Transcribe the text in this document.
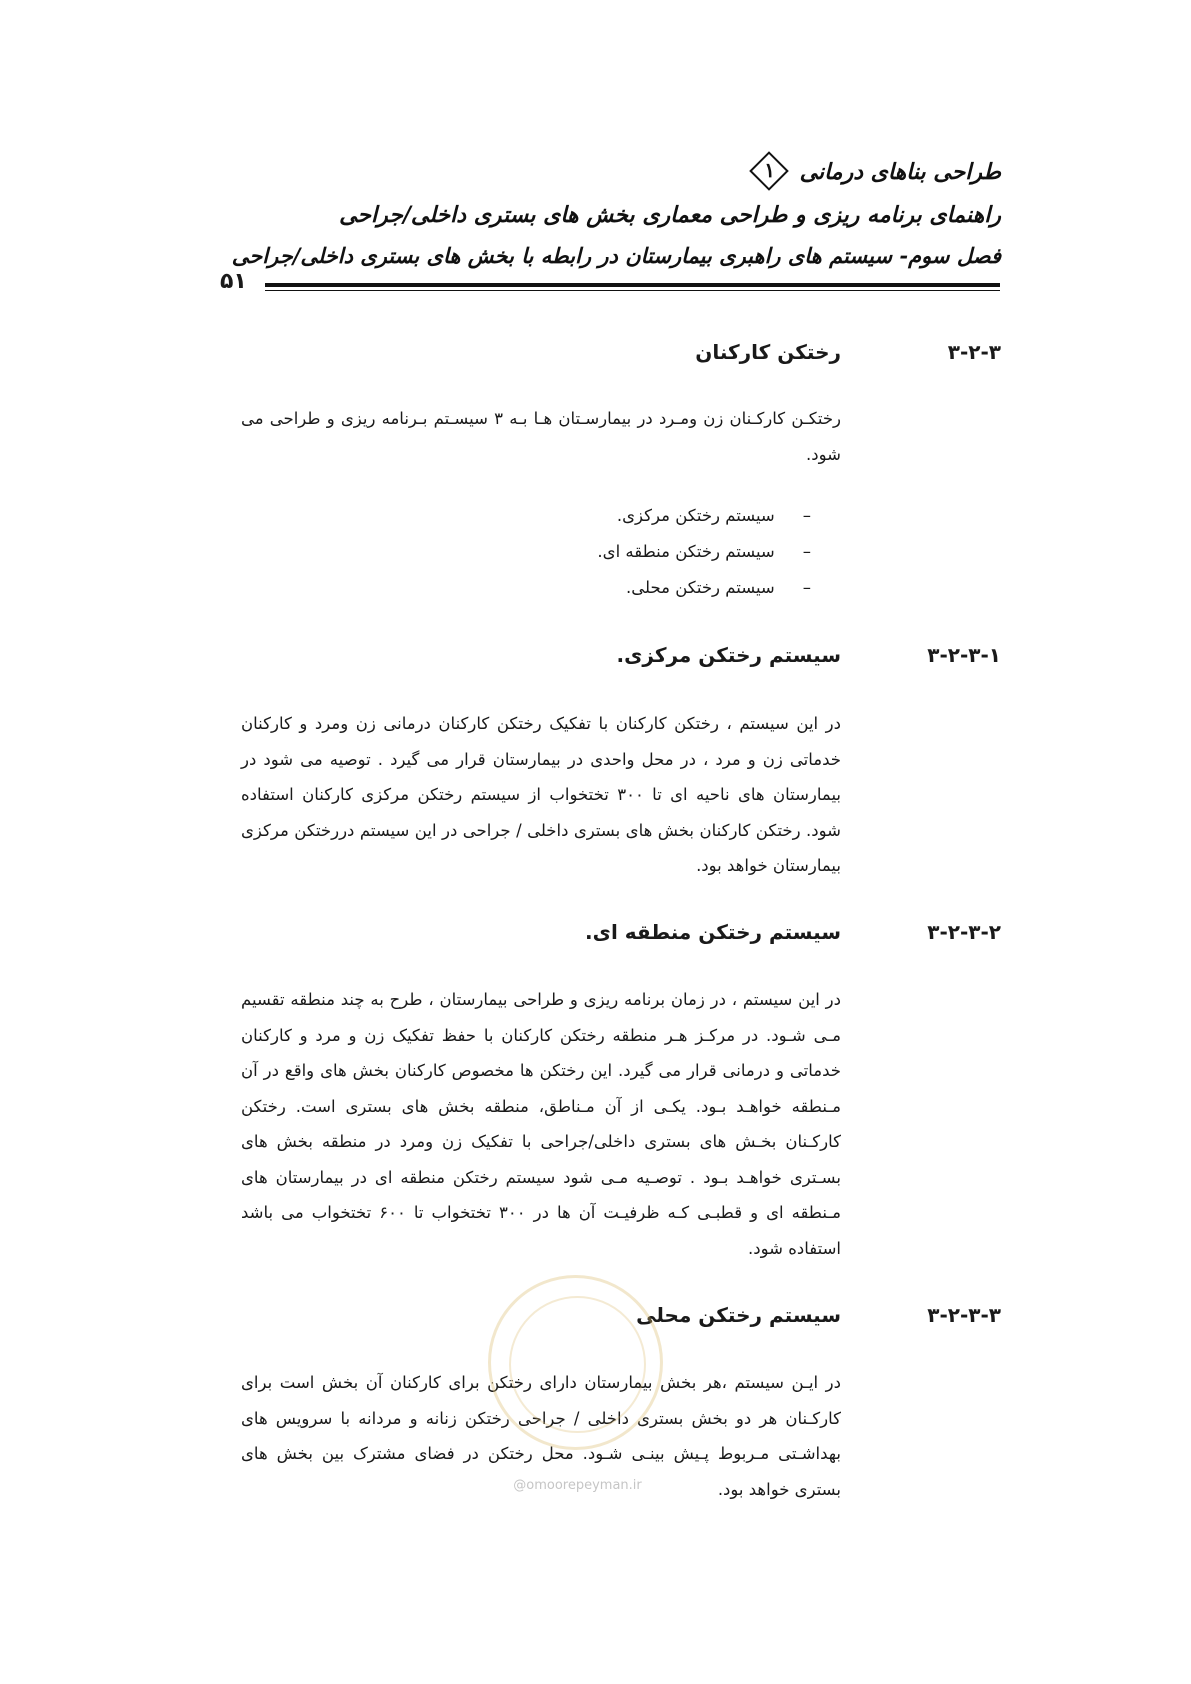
طراحی بناهای درمانی
۱
راهنمای برنامه ریزی و طراحی معماری بخش های بستری داخلی/جراحی
فصل سوم- سیستم های راهبری بیمارستان در رابطه با بخش های بستری داخلی/جراحی
۵۱
۳-۲-۳
رختکن کارکنان
رختکـن کارکـنان زن ومـرد در بیمارسـتان هـا بـه ۳ سیسـتم بـرنامه ریزی و طراحی می شود.
–
سیستم رختکن مرکزی.
–
سیستم رختکن منطقه ای.
–
سیستم رختکن محلی.
۳-۲-۳-۱
سیستم رختکن مرکزی.
در این سیستم ، رختکن کارکنان با تفکیک رختکن کارکنان درمانی زن ومرد و کارکنان خدماتی زن و مرد ، در محل واحدی در بیمارستان قرار می گیرد . توصیه می شود در بیمارستان های ناحیه ای تا ۳۰۰ تختخواب از سیستم رختکن مرکزی کارکنان استفاده شود. رختکن کارکنان بخش های بستری داخلی / جراحی در این سیستم دررختکن مرکزی بیمارستان خواهد بود.
۳-۲-۳-۲
سیستم رختکن منطقه ای.
در این سیستم ، در زمان برنامه ریزی و طراحی بیمارستان ، طرح به چند منطقه تقسیم مـی شـود. در مرکـز هـر منطقه رختکن کارکنان با حفظ تفکیک زن و مرد و کارکنان خدماتی و درمانی قرار می گیرد. این رختکن ها مخصوص کارکنان بخش های واقع در آن مـنطقه خواهـد بـود. یکـی از آن مـناطق، منطقه بخش های بستری است. رختکن کارکـنان بخـش های بستری داخلی/جراحی با تفکیک زن ومرد در منطقه بخش های بسـتری خواهـد بـود . توصـیه مـی شود سیستم رختکن منطقه ای در بیمارستان های مـنطقه ای و قطبـی کـه ظرفیـت آن ها در ۳۰۰ تختخواب تا ۶۰۰ تختخواب می باشد استفاده شود.
۳-۲-۳-۳
سیستم رختکن محلی
در ایـن سیستم ،هر بخش بیمارستان دارای رختکن برای کارکنان آن بخش است برای کارکـنان هر دو بخش بستری داخلی / جراحی رختکن زنانه و مردانه با سرویس های بهداشـتی مـربوط پـیش بینـی شـود. محل رختکن در فضای مشترک بین بخش های بستری خواهد بود.
@omoorepeyman.ir
